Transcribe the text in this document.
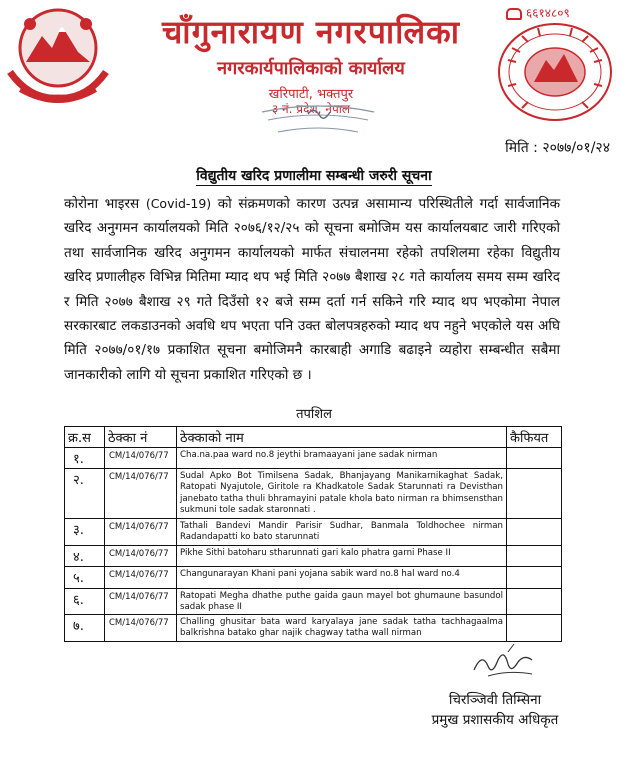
६६१४८०९
चाँगुनारायण नगरपालिका
नगरकार्यपालिकाको कार्यालय
खरिपाटी, भक्तपुर
३ नं. प्रदेश, नेपाल
मिति : २०७७/०१/२४
विद्युतीय खरिद प्रणालीमा सम्बन्धी जरुरी सूचना
कोरोना भाइरस (Covid-19) को संक्रमणको कारण उत्पन्न असामान्य परिस्थितीले गर्दा सार्वजानिक खरिद अनुगमन कार्यालयको मिति २०७६/१२/२५ को सूचना बमोजिम यस कार्यालयबाट जारी गरिएको तथा सार्वजानिक खरिद अनुगमन कार्यालयको मार्फत संचालनमा रहेको तपशिलमा रहेका विद्युतीय खरिद प्रणालीहरु विभिन्न मितिमा म्याद थप भई मिति २०७७ बैशाख २८ गते कार्यालय समय सम्म खरिद र मिति २०७७ बैशाख २९ गते दिउँसो १२ बजे सम्म दर्ता गर्न सकिने गरि म्याद थप भएकोमा नेपाल सरकारबाट लकडाउनको अवधि थप भएता पनि उक्त बोलपत्रहरुको म्याद थप नहुने भएकोले यस अघि मिति २०७७/०१/१७ प्रकाशित सूचना बमोजिमनै कारबाही अगाडि बढाइने व्यहोरा सम्बन्धीत सबैमा जानकारीको लागि यो सूचना प्रकाशित गरिएको छ ।
तपशिल
क्र.स	ठेक्का नं	ठेक्काको नाम	कैफियत
१.	CM/14/076/77	Cha.na.paa ward no.8 jeythi bramaayani jane sadak nirman	
२.	CM/14/076/77	Sudal Apko Bot Timilsena Sadak, Bhanjayang Manikarnikaghat Sadak, Ratopati Nyajutole, Giritole ra Khadkatole Sadak Starunnati ra Devisthan janebato tatha thuli bhramayini patale khola bato nirman ra bhimsensthan sukmuni tole sadak staronnati .	
३.	CM/14/076/77	Tathali Bandevi Mandir Parisir Sudhar, Banmala Toldhochee nirman Radandapatti ko bato starunnati	
४.	CM/14/076/77	Pikhe Sithi batoharu stharunnati gari kalo phatra garni Phase II	
५.	CM/14/076/77	Changunarayan Khani pani yojana sabik ward no.8 hal ward no.4	
६.	CM/14/076/77	Ratopati Megha dhathe puthe gaida gaun mayel bot ghumaune basundol sadak phase II	
७.	CM/14/076/77	Challing ghusitar bata ward karyalaya jane sadak tatha tachhagaalma balkrishna batako ghar najik chagway tatha wall nirman	
चिरञ्जिवी तिम्सिना
प्रमुख प्रशासकीय अधिकृत
